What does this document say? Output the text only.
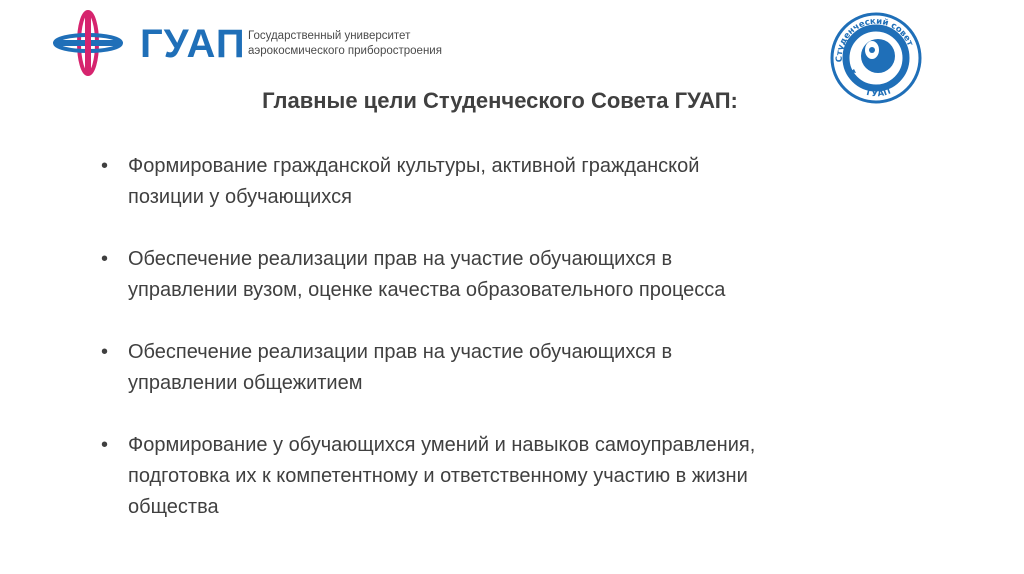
ГУАП Государственный университет
аэрокосмического приборостроения
Студенческий совет
ГУАП
Главные цели Студенческого Совета ГУАП:
• Формирование гражданской культуры, активной гражданской
позиции у обучающихся
• Обеспечение реализации прав на участие обучающихся в
управлении вузом, оценке качества образовательного процесса
• Обеспечение реализации прав на участие обучающихся в
управлении общежитием
• Формирование у обучающихся умений и навыков самоуправления,
подготовка их к компетентному и ответственному участию в жизни
общества
